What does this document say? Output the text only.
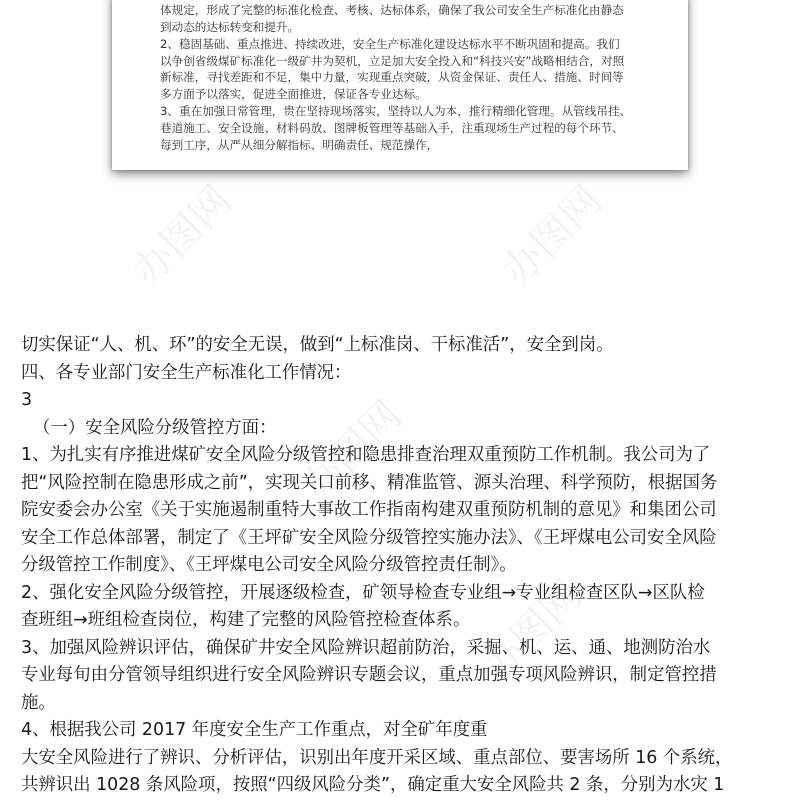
体规定，形成了完整的标准化检查、考核、达标体系，确保了我公司安全生产标准化由静态
到动态的达标转变和提升。
2、稳固基础、重点推进、持续改进，安全生产标准化建设达标水平不断巩固和提高。我们
以争创省级煤矿标准化一级矿井为契机，立足加大安全投入和“科技兴安”战略相结合，对照
新标准，寻找差距和不足，集中力量，实现重点突破，从资金保证、责任人、措施、时间等
多方面予以落实，促进全面推进，保证各专业达标。
3、重在加强日常管理，贵在坚持现场落实，坚持以人为本，推行精细化管理。从管线吊挂、
巷道施工、安全设施、材料码放、图牌板管理等基础入手，注重现场生产过程的每个环节、
每到工序，从严从细分解指标、明确责任、规范操作，
办图网	办图网
办图网
办图网
切实保证“人、机、环”的安全无误，做到“上标准岗、干标准活”，安全到岗。
四、各专业部门安全生产标准化工作情况：
3
（一）安全风险分级管控方面：
1、为扎实有序推进煤矿安全风险分级管控和隐患排查治理双重预防工作机制。我公司为了
把“风险控制在隐患形成之前”，实现关口前移、精准监管、源头治理、科学预防，根据国务
院安委会办公室《关于实施遏制重特大事故工作指南构建双重预防机制的意见》和集团公司
安全工作总体部署，制定了《王坪矿安全风险分级管控实施办法》、《王坪煤电公司安全风险
分级管控工作制度》、《王坪煤电公司安全风险分级管控责任制》。
2、强化安全风险分级管控，开展逐级检查，矿领导检查专业组→专业组检查区队→区队检
查班组→班组检查岗位，构建了完整的风险管控检查体系。
3、加强风险辨识评估，确保矿井安全风险辨识超前防治，采掘、机、运、通、地测防治水
专业每旬由分管领导组织进行安全风险辨识专题会议，重点加强专项风险辨识，制定管控措
施。
4、根据我公司 2017 年度安全生产工作重点，对全矿年度重
大安全风险进行了辨识、分析评估，识别出年度开采区域、重点部位、要害场所 16 个系统，
共辨识出 1028 条风险项，按照“四级风险分类”，确定重大安全风险共 2 条，分别为水灾 1
